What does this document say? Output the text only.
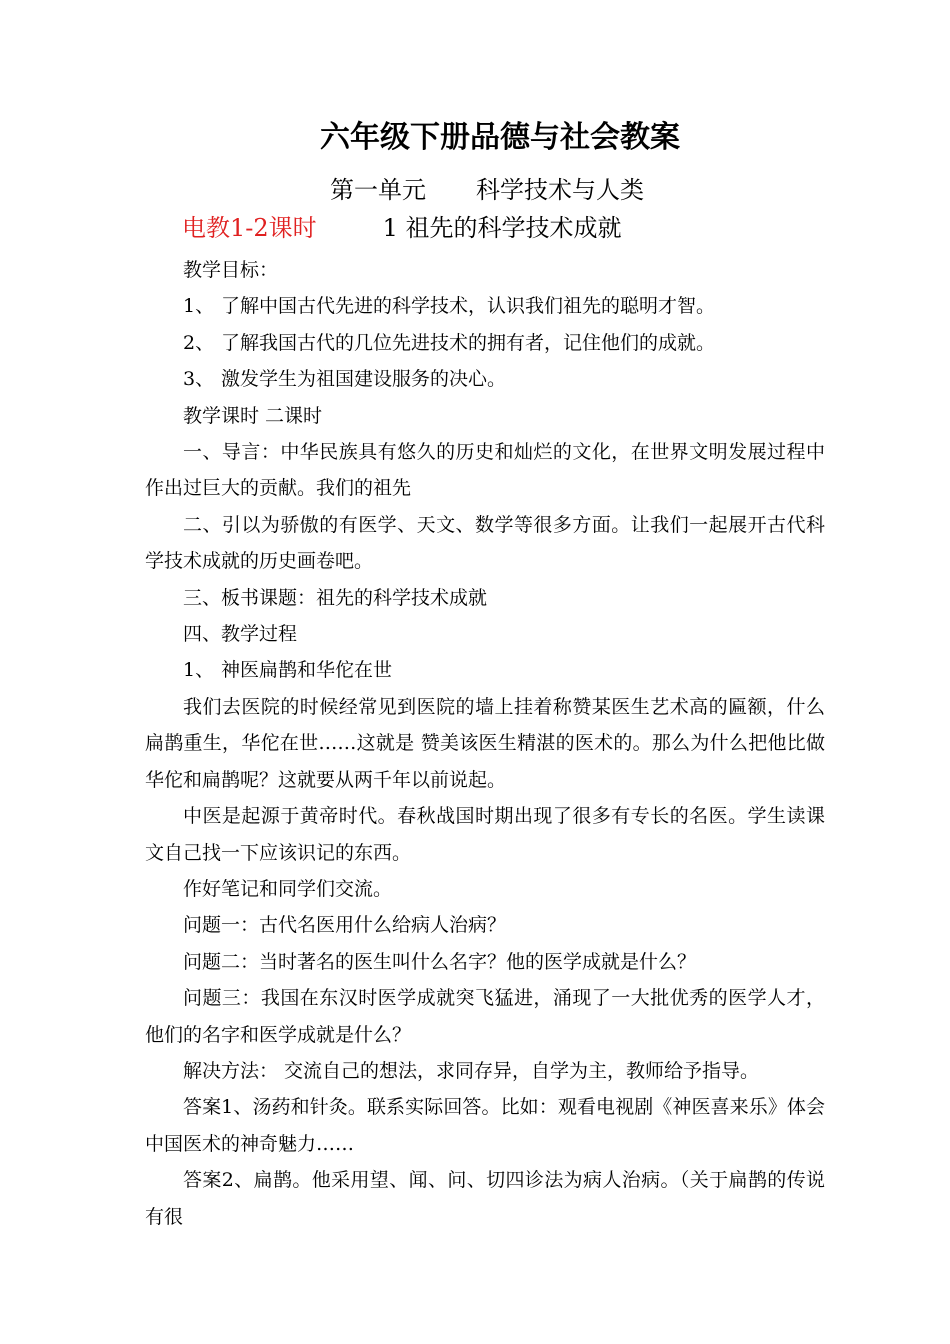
六年级下册品德与社会教案
第一单元 科学技术与人类
电教1-2课时	1 祖先的科学技术成就

教学目标：

1、 了解中国古代先进的科学技术，认识我们祖先的聪明才智。

2、 了解我国古代的几位先进技术的拥有者，记住他们的成就。

3、 激发学生为祖国建设服务的决心。

教学课时 二课时

一、导言：中华民族具有悠久的历史和灿烂的文化，在世界文明发展过程中作出过巨大的贡献。我们的祖先

二、引以为骄傲的有医学、天文、数学等很多方面。让我们一起展开古代科学技术成就的历史画卷吧。

三、板书课题：祖先的科学技术成就

四、教学过程

1、 神医扁鹊和华佗在世

我们去医院的时候经常见到医院的墙上挂着称赞某医生艺术高的匾额，什么扁鹊重生，华佗在世……这就是 赞美该医生精湛的医术的。那么为什么把他比做华佗和扁鹊呢？这就要从两千年以前说起。

中医是起源于黄帝时代。春秋战国时期出现了很多有专长的名医。学生读课文自己找一下应该识记的东西。

作好笔记和同学们交流。

问题一：古代名医用什么给病人治病？

问题二：当时著名的医生叫什么名字？他的医学成就是什么？

问题三：我国在东汉时医学成就突飞猛进，涌现了一大批优秀的医学人才，他们的名字和医学成就是什么？

解决方法： 交流自己的想法，求同存异，自学为主，教师给予指导。

答案1、汤药和针灸。联系实际回答。比如：观看电视剧《神医喜来乐》体会中国医术的神奇魅力……

答案2、扁鹊。他采用望、闻、问、切四诊法为病人治病。（关于扁鹊的传说有很
